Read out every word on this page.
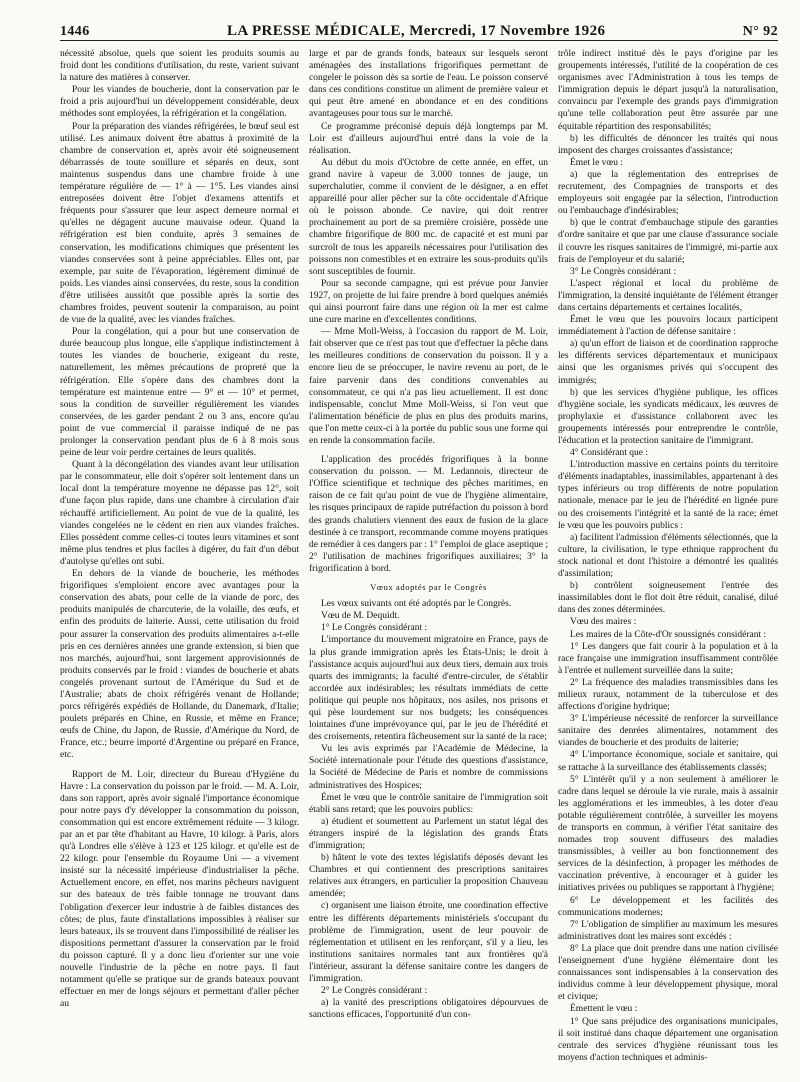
1446	LA PRESSE MÉDICALE, Mercredi, 17 Novembre 1926	N° 92

nécessité absolue, quels que soient les produits soumis au froid dont les conditions d'utilisation, du reste, varient suivant la nature des matières à conserver.

Pour les viandes de boucherie, dont la conservation par le froid a pris aujourd'hui un développement considérable, deux méthodes sont employées, la réfrigération et la congélation.

Pour la préparation des viandes réfrigérées, le bœuf seul est utilisé. Les animaux doivent être abattus à proximité de la chambre de conservation et, après avoir été soigneusement débarrassés de toute souillure et séparés en deux, sont maintenus suspendus dans une chambre froide à une température régulière de — 1° à — 1°5. Les viandes ainsi entreposées doivent être l'objet d'examens attentifs et fréquents pour s'assurer que leur aspect demeure normal et qu'elles ne dégagent aucune mauvaise odeur. Quand la réfrigération est bien conduite, après 3 semaines de conservation, les modifications chimiques que présentent les viandes conservées sont à peine appréciables. Elles ont, par exemple, par suite de l'évaporation, légèrement diminué de poids. Les viandes ainsi conservées, du reste, sous la condition d'être utilisées aussitôt que possible après la sortie des chambres froides, peuvent soutenir la comparaison, au point de vue de la qualité, avec les viandes fraîches.

Pour la congélation, qui a pour but une conservation de durée beaucoup plus longue, elle s'applique indistinctement à toutes les viandes de boucherie, exigeant du reste, naturellement, les mêmes précautions de propreté que la réfrigération. Elle s'opère dans des chambres dont la température est maintenue entre — 9° et — 10° et permet, sous la condition de surveiller régulièrement les viandes conservées, de les garder pendant 2 ou 3 ans, encore qu'au point de vue commercial il paraisse indiqué de ne pas prolonger la conservation pendant plus de 6 à 8 mois sous peine de leur voir perdre certaines de leurs qualités.

Quant à la décongélation des viandes avant leur utilisation par le consommateur, elle doit s'opérer soit lentement dans un local dont la température moyenne ne dépasse pas 12°, soit d'une façon plus rapide, dans une chambre à circulation d'air réchauffé artificiellement. Au point de vue de la qualité, les viandes congelées ne le cèdent en rien aux viandes fraîches. Elles possèdent comme celles-ci toutes leurs vitamines et sont même plus tendres et plus faciles à digérer, du fait d'un début d'autolyse qu'elles ont subi.

En dehors de la viande de boucherie, les méthodes frigorifiques s'emploient encore avec avantages pour la conservation des abats, pour celle de la viande de porc, des produits manipulés de charcuterie, de la volaille, des œufs, et enfin des produits de laiterie. Aussi, cette utilisation du froid pour assurer la conservation des produits alimentaires a-t-elle pris en ces dernières années une grande extension, si bien que nos marchés, aujourd'hui, sont largement approvisionnés de produits conservés par le froid : viandes de boucherie et abats congelés provenant surtout de l'Amérique du Sud et de l'Australie; abats de choix réfrigérés venant de Hollande; porcs réfrigérés expédiés de Hollande, du Danemark, d'Italie; poulets préparés en Chine, en Russie, et même en France; œufs de Chine, du Japon, de Russie, d'Amérique du Nord, de France, etc.; beurre importé d'Argentine ou préparé en France, etc.

Rapport de M. Loir, directeur du Bureau d'Hygiène du Havre : La conservation du poisson par le froid. — M. A. Loir, dans son rapport, après avoir signalé l'importance économique pour notre pays d'y développer la consommation du poisson, consommation qui est encore extrêmement réduite — 3 kilogr. par an et par tête d'habitant au Havre, 10 kilogr. à Paris, alors qu'à Londres elle s'élève à 123 et 125 kilogr. et qu'elle est de 22 kilogr. pour l'ensemble du Royaume Uni — a vivement insisté sur la nécessité impérieuse d'industrialiser la pêche. Actuellement encore, en effet, nos marins pêcheurs naviguent sur des bateaux de très faible tonnage ne trouvant dans l'obligation d'exercer leur industrie à de faibles distances des côtes; de plus, faute d'installations impossibles à réaliser sur leurs bateaux, ils se trouvent dans l'impossibilité de réaliser les dispositions permettant d'assurer la conservation par le froid du poisson capturé. Il y a donc lieu d'orienter sur une voie nouvelle l'industrie de la pêche en notre pays. Il faut notamment qu'elle se pratique sur de grands bateaux pouvant effectuer en mer de longs séjours et permettant d'aller pêcher au

large et par de grands fonds, bateaux sur lesquels seront aménagées des installations frigorifiques permettant de congeler le poisson dès sa sortie de l'eau. Le poisson conservé dans ces conditions constitue un aliment de première valeur et qui peut être amené en abondance et en des conditions avantageuses pour tous sur le marché.

Ce programme préconisé depuis déjà longtemps par M. Loir est d'ailleurs aujourd'hui entré dans la voie de la réalisation.

Au début du mois d'Octobre de cette année, en effet, un grand navire à vapeur de 3.000 tonnes de jauge, un superchalutier, comme il convient de le désigner, a en effet appareillé pour aller pêcher sur la côte occidentale d'Afrique où le poisson abonde. Ce navire, qui doit rentrer prochainement au port de sa première croisière, possède une chambre frigorifique de 800 mc. de capacité et est muni par surcroît de tous les appareils nécessaires pour l'utilisation des poissons non comestibles et en extraire les sous-produits qu'ils sont susceptibles de fournir.

Pour sa seconde campagne, qui est prévue pour Janvier 1927, on projette de lui faire prendre à bord quelques anémiés qui ainsi pourront faire dans une région où la mer est calme une cure marine en d'excellentes conditions.

— Mme Moll-Weiss, à l'occasion du rapport de M. Loir, fait observer que ce n'est pas tout que d'effectuer la pêche dans les meilleures conditions de conservation du poisson. Il y a encore lieu de se préoccuper, le navire revenu au port, de le faire parvenir dans des conditions convenables au consommateur, ce qui n'a pas lieu actuellement. Il est donc indispensable, conclut Mme Moll-Weiss, si l'on veut que l'alimentation bénéficie de plus en plus des produits marins, que l'on mette ceux-ci à la portée du public sous une forme qui en rende la consommation facile.

L'application des procédés frigorifiques à la bonne conservation du poisson. — M. Ledannois, directeur de l'Office scientifique et technique des pêches maritimes, en raison de ce fait qu'au point de vue de l'hygiène alimentaire, les risques principaux de rapide putréfaction du poisson à bord des grands chalutiers viennent des eaux de fusion de la glace destinée à ce transport, recommande comme moyens pratiques de remédier à ces dangers par : 1° l'emploi de glace aseptique ; 2° l'utilisation de machines frigorifiques auxiliaires; 3° la frigorification à bord.

Vœux adoptés par le Congrès

Les vœux suivants ont été adoptés par le Congrès.

Vœu de M. Dequidt.

1° Le Congrès considérant :

L'importance du mouvement migratoire en France, pays de la plus grande immigration après les États-Unis; le droit à l'assistance acquis aujourd'hui aux deux tiers, demain aux trois quarts des immigrants; la faculté d'entre-circuler, de s'établir accordée aux indésirables; les résultats immédiats de cette politique qui peuple nos hôpitaux, nos asiles, nos prisons et qui pèse lourdement sur nos budgets; les conséquences lointaines d'une imprévoyance qui, par le jeu de l'hérédité et des croisements, retentira fâcheusement sur la santé de la race;

Vu les avis exprimés par l'Académie de Médecine, la Société internationale pour l'étude des questions d'assistance, la Société de Médecine de Paris et nombre de commissions administratives des Hospices;

Émet le vœu que le contrôle sanitaire de l'immigration soit établi sans retard; que les pouvoirs publics:

a) étudient et soumettent au Parlement un statut légal des étrangers inspiré de la législation des grands États d'immigration;

b) hâtent le vote des textes législatifs déposés devant les Chambres et qui contiennent des prescriptions sanitaires relatives aux étrangers, en particulier la proposition Chauveau amendée;

c) organisent une liaison étroite, une coordination effective entre les différents départements ministériels s'occupant du problème de l'immigration, usent de leur pouvoir de réglementation et utilisent en les renforçant, s'il y a lieu, les institutions sanitaires normales tant aux frontières qu'à l'intérieur, assurant la défense sanitaire contre les dangers de l'immigration.

2° Le Congrès considérant :

a) la vanité des prescriptions obligatoires dépourvues de sanctions efficaces, l'opportunité d'un con-

trôle indirect institué dès le pays d'origine par les groupements intéressés, l'utilité de la coopération de ces organismes avec l'Administration à tous les temps de l'immigration depuis le départ jusqu'à la naturalisation, convaincu par l'exemple des grands pays d'immigration qu'une telle collaboration peut être assurée par une équitable répartition des responsabilités;

b) les difficultés de dénoncer les traités qui nous imposent des charges croissantes d'assistance;

Émet le vœu :

a) que la réglementation des entreprises de recrutement, des Compagnies de transports et des employeurs soit engagée par la sélection, l'introduction ou l'embauchage d'indésirables;

b) que le contrat d'embauchage stipule des garanties d'ordre sanitaire et que par une clause d'assurance sociale il couvre les risques sanitaires de l'immigré, mi-partie aux frais de l'employeur et du salarié;

3° Le Congrès considérant :

L'aspect régional et local du problème de l'immigration, la densité inquiétante de l'élément étranger dans certains départements et certaines localités,

Émet le vœu que les pouvoirs locaux participent immédiatement à l'action de défense sanitaire :

a) qu'un effort de liaison et de coordination rapproche les différents services départementaux et municipaux ainsi que les organismes privés qui s'occupent des immigrés;

b) que les services d'hygiène publique, les offices d'hygiène sociale, les syndicats médicaux, les œuvres de prophylaxie et d'assistance collaborent avec les groupements intéressés pour entreprendre le contrôle, l'éducation et la protection sanitaire de l'immigrant.

4° Considérant que :

L'introduction massive en certains points du territoire d'éléments inadaptables, inassimilables, appartenant à des types inférieurs ou trop différents de notre population nationale, menace par le jeu de l'hérédité en lignée pure ou des croisements l'intégrité et la santé de la race; émet le vœu que les pouvoirs publics :

a) facilitent l'admission d'éléments sélectionnés, que la culture, la civilisation, le type ethnique rapprochent du stock national et dont l'histoire a démontré les qualités d'assimilation;

b) contrôlent soigneusement l'entrée des inassimilables dont le flot doit être réduit, canalisé, dilué dans des zones déterminées.

Vœu des maires :

Les maires de la Côte-d'Or soussignés considérant :

1° Les dangers que fait courir à la population et à la race française une immigration insuffisamment contrôlée à l'entrée et nullement surveillée dans la suite;

2° La fréquence des maladies transmissibles dans les milieux ruraux, notamment de la tuberculose et des affections d'origine hydrique;

3° L'impérieuse nécessité de renforcer la surveillance sanitaire des denrées alimentaires, notamment des viandes de boucherie et des produits de laiterie;

4° L'importance économique, sociale et sanitaire, qui se rattache à la surveillance des établissements classés;

5° L'intérêt qu'il y a non seulement à améliorer le cadre dans lequel se déroule la vie rurale, mais à assainir les agglomérations et les immeubles, à les doter d'eau potable régulièrement contrôlée, à surveiller les moyens de transports en commun, à vérifier l'état sanitaire des nomades trop souvent diffuseurs des maladies transmissibles, à veiller au bon fonctionnement des services de la désinfection, à propager les méthodes de vaccination préventive, à encourager et à guider les initiatives privées ou publiques se rapportant à l'hygiène;

6° Le développement et les facilités des communications modernes;

7° L'obligation de simplifier au maximum les mesures administratives dont les maires sont excédés :

8° La place que doit prendre dans une nation civilisée l'enseignement d'une hygiène élémentaire dont les connaissances sont indispensables à la conservation des individus comme à leur développement physique, moral et civique;

Émettent le vœu :

1° Que sans préjudice des organisations municipales, il soit institué dans chaque département une organisation centrale des services d'hygiène réunissant tous les moyens d'action techniques et adminis-
